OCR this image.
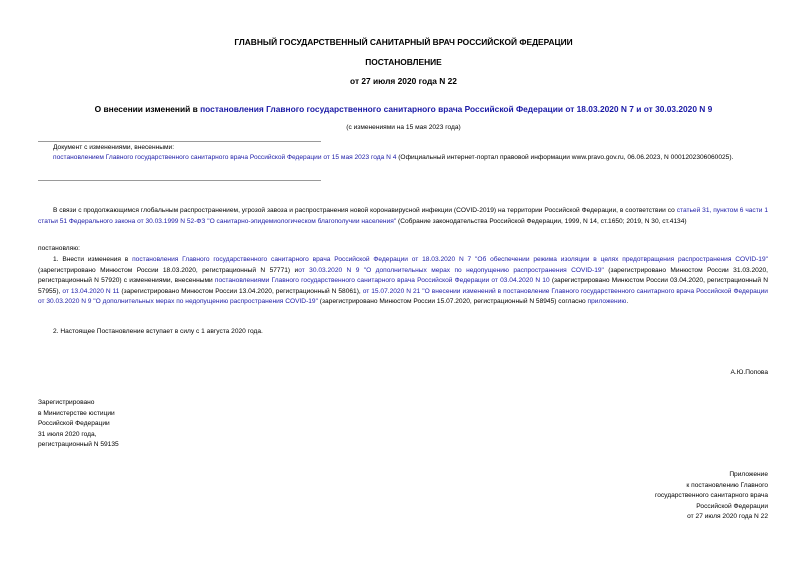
ГЛАВНЫЙ ГОСУДАРСТВЕННЫЙ САНИТАРНЫЙ ВРАЧ РОССИЙСКОЙ ФЕДЕРАЦИИ
ПОСТАНОВЛЕНИЕ
от 27 июля 2020 года N 22
О внесении изменений в постановления Главного государственного санитарного врача Российской Федерации от 18.03.2020 N 7 и от 30.03.2020 N 9
(с изменениями на 15 мая 2023 года)
Документ с изменениями, внесенными:
постановлением Главного государственного санитарного врача Российской Федерации от 15 мая 2023 года N 4 (Официальный интернет-портал правовой информации www.pravo.gov.ru, 06.06.2023, N 0001202306060025).
В связи с продолжающимся глобальным распространением, угрозой завоза и распространения новой коронавирусной инфекции (COVID-2019) на территории Российской Федерации, в соответствии со статьей 31, пунктом 6 части 1 статьи 51 Федерального закона от 30.03.1999 N 52-ФЗ "О санитарно-эпидемиологическом благополучии населения" (Собрание законодательства Российской Федерации, 1999, N 14, ст.1650; 2019, N 30, ст.4134)
постановляю:
1. Внести изменения в постановления Главного государственного санитарного врача Российской Федерации от 18.03.2020 N 7 "Об обеспечении режима изоляции в целях предотвращения распространения COVID-19" (зарегистрировано Минюстом России 18.03.2020, регистрационный N 57771) иот 30.03.2020 N 9 "О дополнительных мерах по недопущению распространения COVID-19" (зарегистрировано Минюстом России 31.03.2020, регистрационный N 57920) с изменениями, внесенными постановлениями Главного государственного санитарного врача Российской Федерации от 03.04.2020 N 10 (зарегистрировано Минюстом России 03.04.2020, регистрационный N 57955), от 13.04.2020 N 11 (зарегистрировано Минюстом России 13.04.2020, регистрационный N 58061), от 15.07.2020 N 21 "О внесении изменений в постановление Главного государственного санитарного врача Российской Федерации от 30.03.2020 N 9 "О дополнительных мерах по недопущению распространения COVID-19" (зарегистрировано Минюстом России 15.07.2020, регистрационный N 58945) согласно приложению.
2. Настоящее Постановление вступает в силу с 1 августа 2020 года.
А.Ю.Попова
Зарегистрировано
в Министерстве юстиции
Российской Федерации
31 июля 2020 года,
регистрационный N 59135
Приложение
к постановлению Главного
государственного санитарного врача
Российской Федерации
от 27 июля 2020 года N 22
